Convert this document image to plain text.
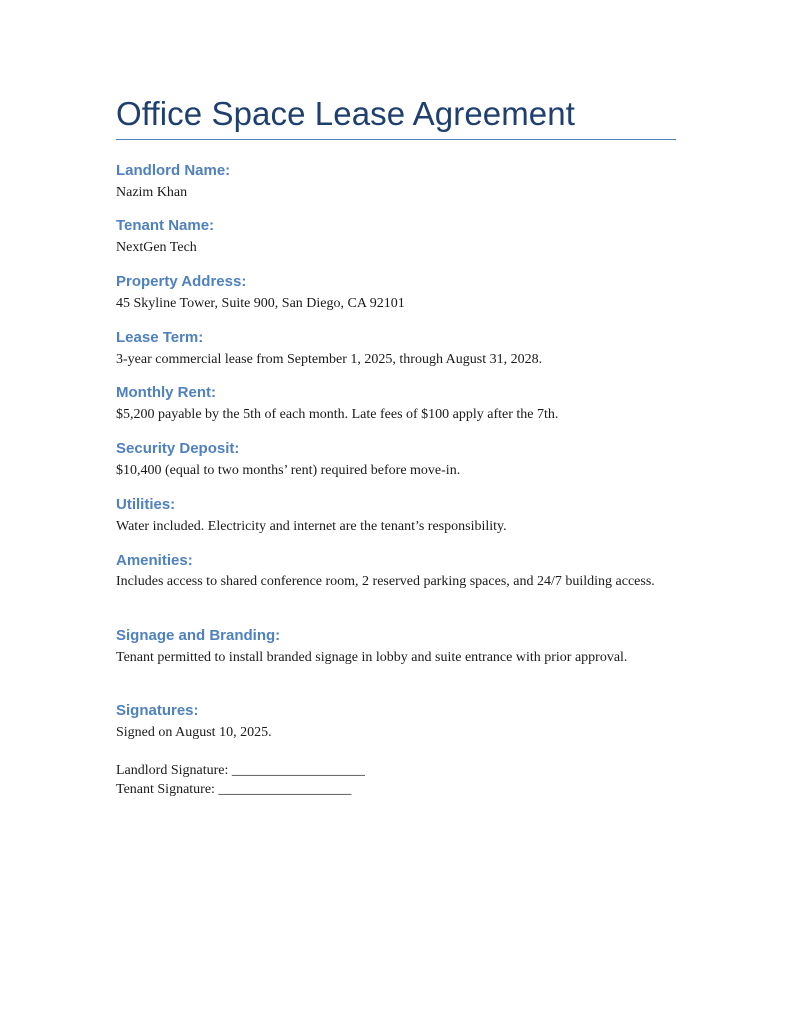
Office Space Lease Agreement
Landlord Name:
Nazim Khan
Tenant Name:
NextGen Tech
Property Address:
45 Skyline Tower, Suite 900, San Diego, CA 92101
Lease Term:
3-year commercial lease from September 1, 2025, through August 31, 2028.
Monthly Rent:
$5,200 payable by the 5th of each month. Late fees of $100 apply after the 7th.
Security Deposit:
$10,400 (equal to two months’ rent) required before move-in.
Utilities:
Water included. Electricity and internet are the tenant’s responsibility.
Amenities:
Includes access to shared conference room, 2 reserved parking spaces, and 24/7 building access.
Signage and Branding:
Tenant permitted to install branded signage in lobby and suite entrance with prior approval.
Signatures:
Signed on August 10, 2025.
Landlord Signature: ___________________
Tenant Signature: ___________________
